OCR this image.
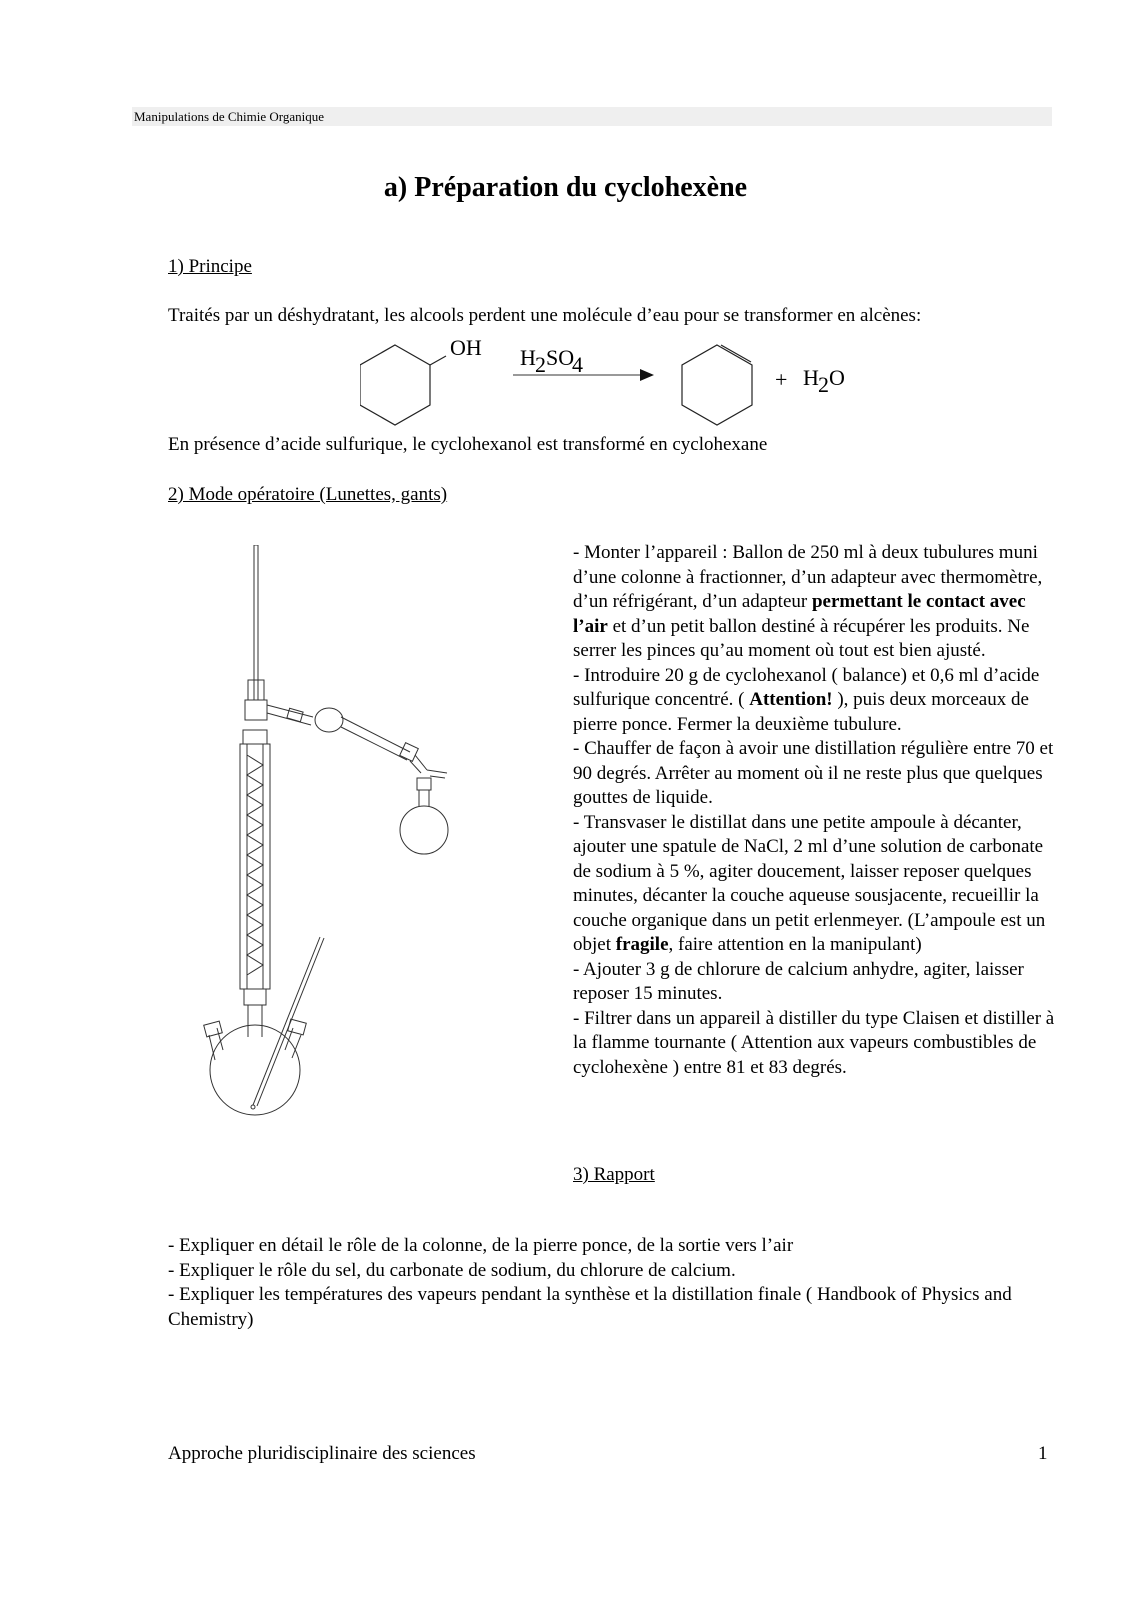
Manipulations de Chimie Organique
a) Préparation du cyclohexène
1) Principe

Traités par un déshydratant, les alcools perdent une molécule d’eau pour se transformer en alcènes:

OH H 2 SO
4
+ H 2 O

En présence d’acide sulfurique, le cyclohexanol est transformé en cyclohexane

2) Mode opératoire (Lunettes, gants)

- Monter l’appareil : Ballon de 250 ml à deux tubulures muni d’une colonne à fractionner, d’un adapteur avec thermomètre, d’un réfrigérant, d’un adapteur permettant le contact avec l’air et d’un petit ballon destiné à récupérer les produits. Ne serrer les pinces qu’au moment où tout est bien ajusté.

- Introduire 20 g de cyclohexanol ( balance) et 0,6 ml d’acide sulfurique concentré. ( Attention! ), puis deux morceaux de pierre ponce. Fermer la deuxième tubulure.

- Chauffer de façon à avoir une distillation régulière entre 70 et 90 degrés. Arrêter au moment où il ne reste plus que quelques gouttes de liquide.

- Transvaser le distillat dans une petite ampoule à décanter, ajouter une spatule de NaCl, 2 ml d’une solution de carbonate de sodium à 5 %, agiter doucement, laisser reposer quelques minutes, décanter la couche aqueuse sousjacente, recueillir la couche organique dans un petit erlenmeyer. (L’ampoule est un objet fragile, faire attention en la manipulant)

- Ajouter 3 g de chlorure de calcium anhydre, agiter, laisser reposer 15 minutes.

- Filtrer dans un appareil à distiller du type Claisen et distiller à la flamme tournante ( Attention aux vapeurs combustibles de cyclohexène ) entre 81 et 83 degrés.

3) Rapport

- Expliquer en détail le rôle de la colonne, de la pierre ponce, de la sortie vers l’air

- Expliquer le rôle du sel, du carbonate de sodium, du chlorure de calcium.

- Expliquer les températures des vapeurs pendant la synthèse et la distillation finale ( Handbook of Physics and Chemistry)

Approche pluridisciplinaire des sciences	1
